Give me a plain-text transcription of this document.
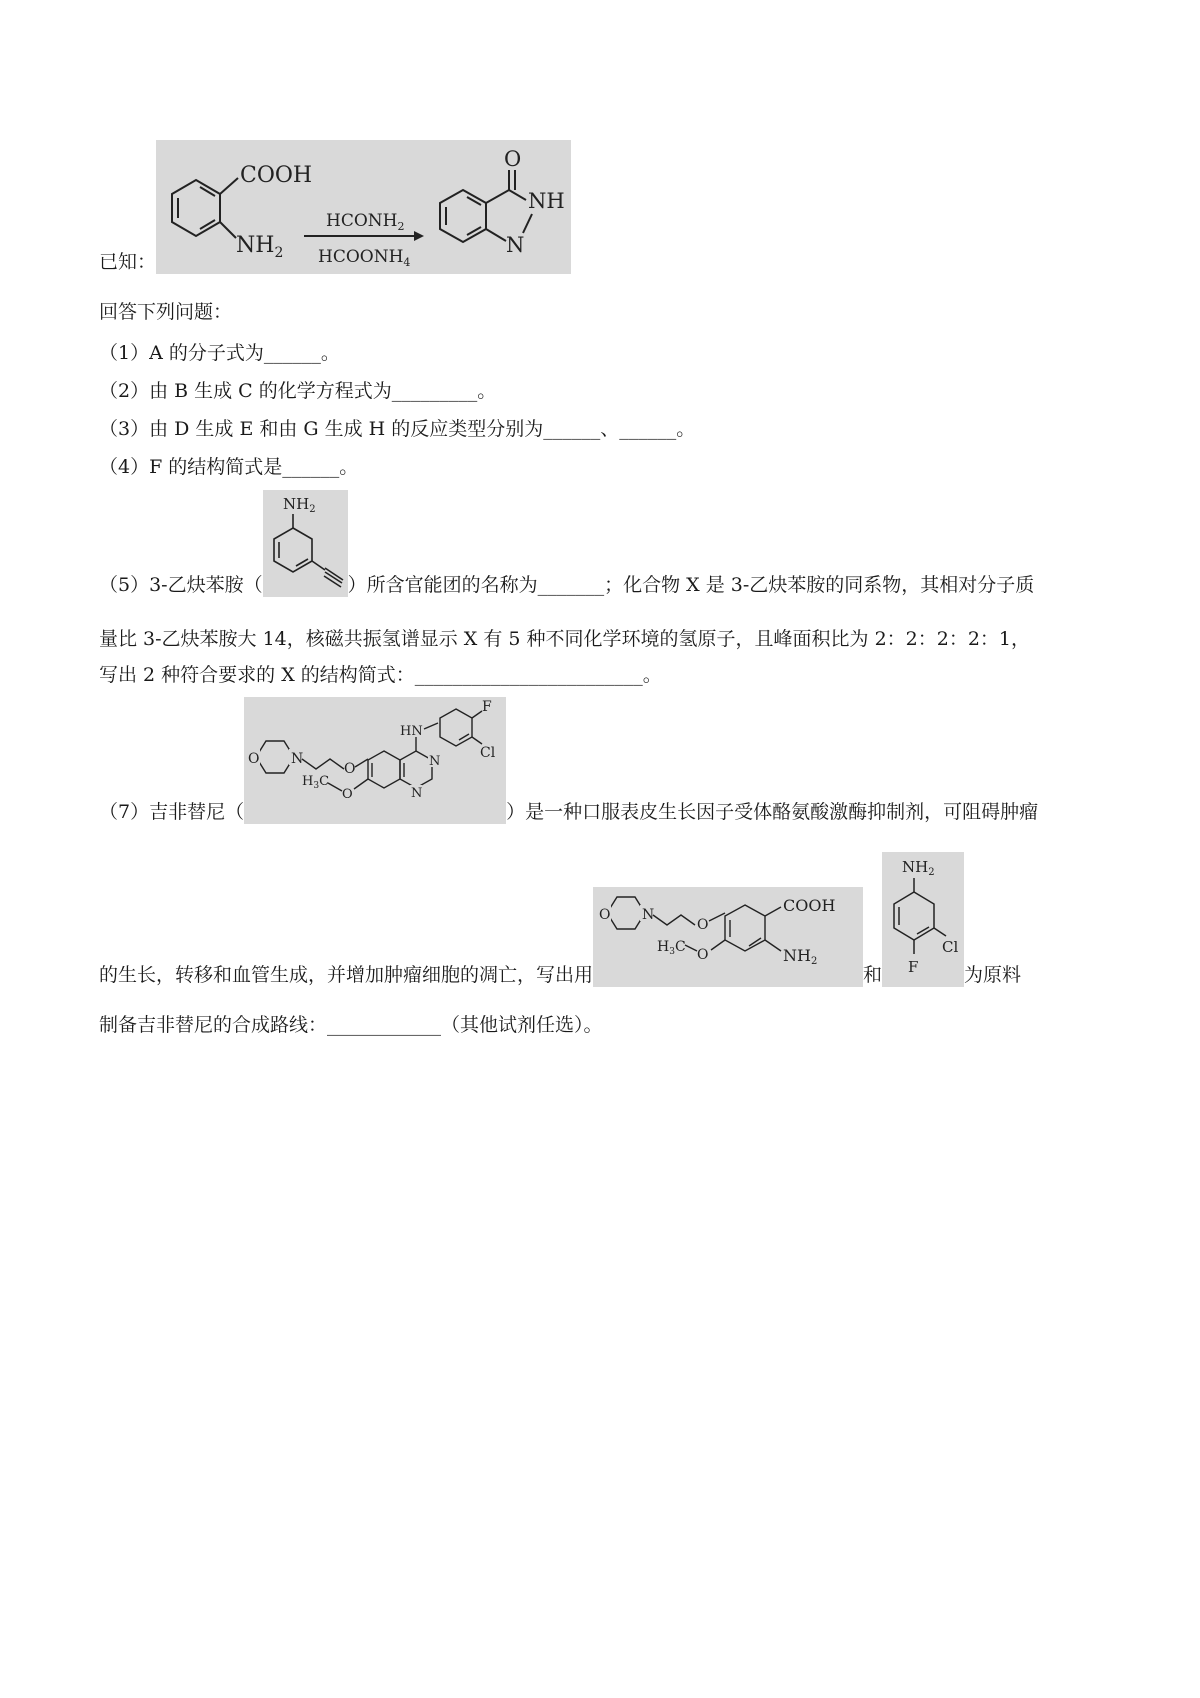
已知：
COOH
$NH_2$
$HCONH_2$
$HCOONH_4$
O
NH
N
回答下列问题：
（1）A 的分子式为______。
（2）由 B 生成 C 的化学方程式为_________。
（3）由 D 生成 E 和由 G 生成 H 的反应类型分别为______、______。
（4）F 的结构简式是______。
（5）3-乙炔苯胺（
$NH_2$
）所含官能团的名称为_______；化合物 X 是 3-乙炔苯胺的同系物，其相对分子质
量比 3-乙炔苯胺大 14，核磁共振氢谱显示 X 有 5 种不同化学环境的氢原子，且峰面积比为 2：2：2：2：1，
写出 2 种符合要求的 X 的结构简式：________________________。
（7）吉非替尼（
O N
O	N
N
O
$H_3C$
HN
F
Cl
）是一种口服表皮生长因子受体酪氨酸激酶抑制剂，可阻碍肿瘤
的生长，转移和血管生成，并增加肿瘤细胞的凋亡，写出用
O N
O
COOH
NH2
O
$H_3C$
和
$NH_2$
Cl
F 为原料
制备吉非替尼的合成路线：____________（其他试剂任选）。
